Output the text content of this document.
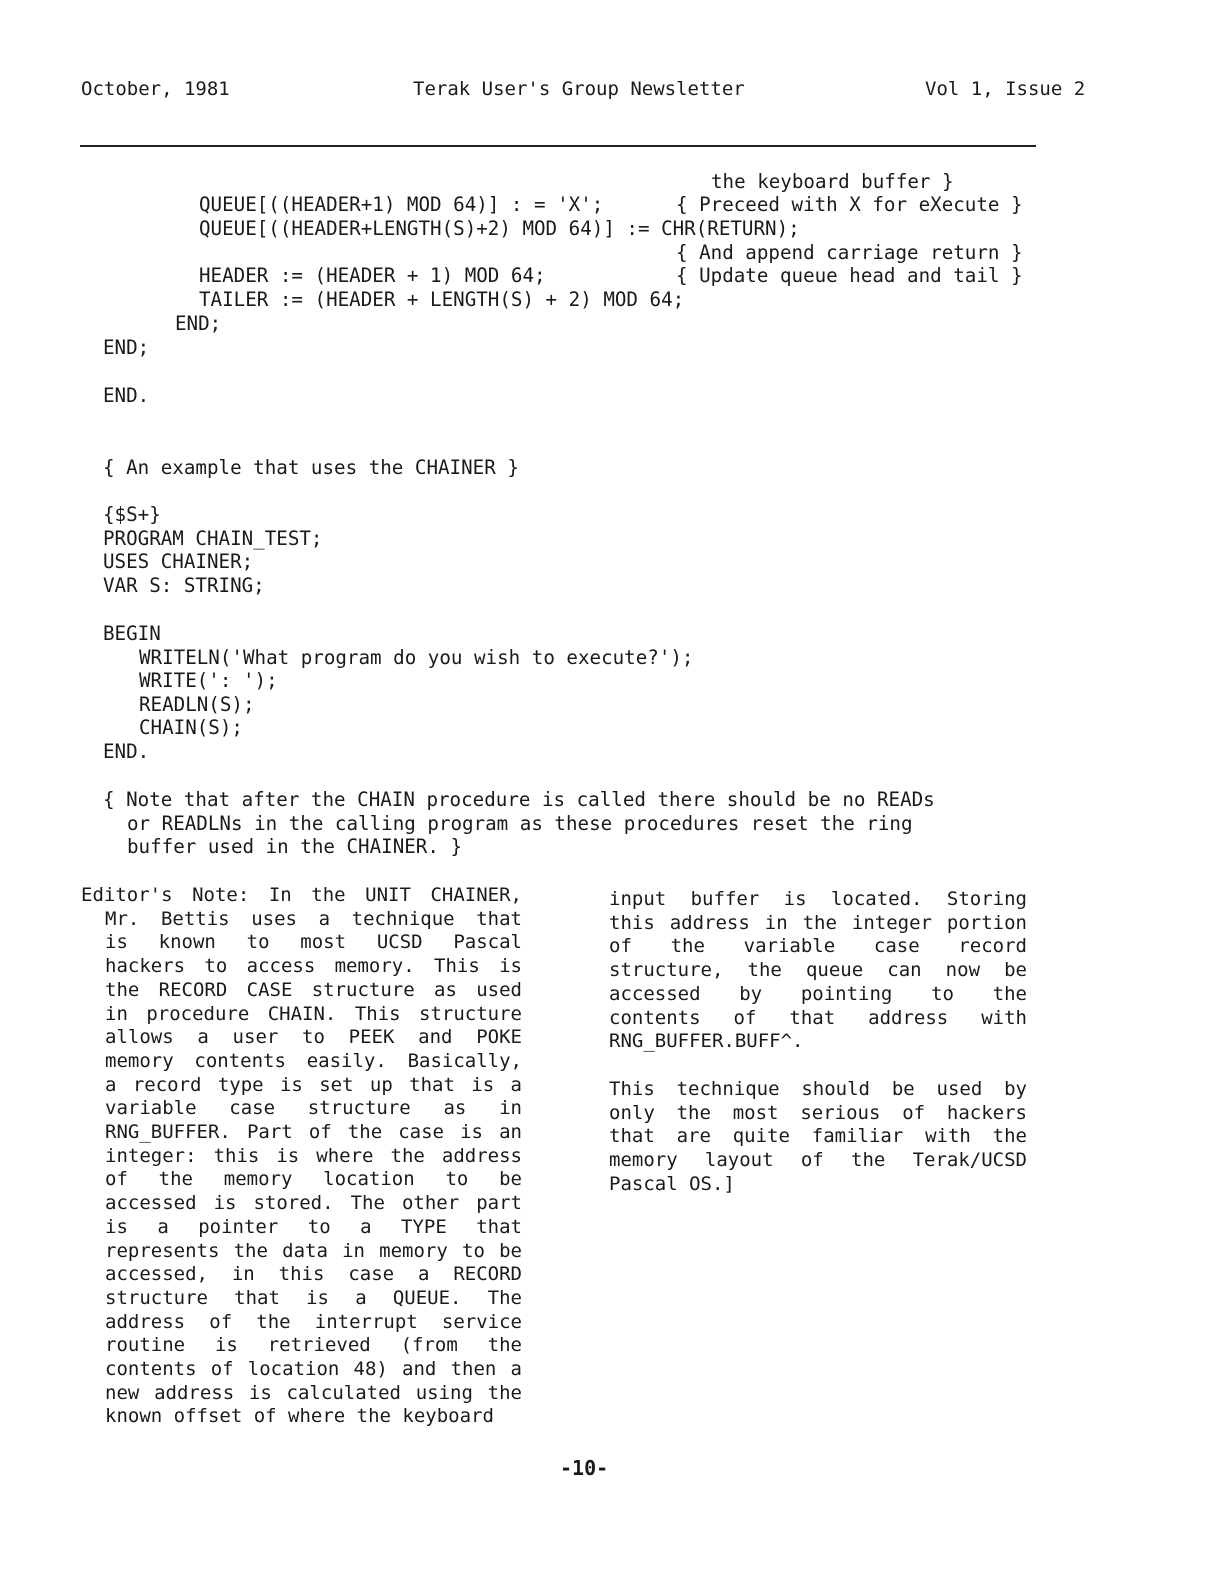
October, 1981	Terak User's Group Newsletter	Vol 1, Issue 2
the keyboard buffer }
QUEUE[((HEADER+1) MOD 64)] : = 'X';	{ Preceed with X for eXecute }
QUEUE[((HEADER+LENGTH(S)+2) MOD 64)] := CHR(RETURN);
{ And append carriage return }
HEADER := (HEADER + 1) MOD 64;	{ Update queue head and tail }
TAILER := (HEADER + LENGTH(S) + 2) MOD 64;
END;
END;
END.
{ An example that uses the CHAINER }
{$S+}
PROGRAM CHAIN_TEST;
USES CHAINER;
VAR S: STRING;
BEGIN
WRITELN('What program do you wish to execute?');
WRITE(': ');
READLN(S);
CHAIN(S);
END.
{ Note that after the CHAIN procedure is called there should be no READs
or READLNs in the calling program as these procedures reset the ring
buffer used in the CHAINER. }
Editor's Note: In the UNIT CHAINER,
Mr. Bettis uses a technique that
is known to most UCSD Pascal
hackers to access memory. This is
the RECORD CASE structure as used
in procedure CHAIN. This structure
allows a user to PEEK and POKE
memory contents easily. Basically,
a record type is set up that is a
variable case structure as in
RNG_BUFFER. Part of the case is an
integer: this is where the address
of the memory location to be
accessed is stored. The other part
is a pointer to a TYPE that
represents the data in memory to be
accessed, in this case a RECORD
structure that is a QUEUE. The
address of the interrupt service
routine is retrieved (from the
contents of location 48) and then a
new address is calculated using the
known offset of where the keyboard
input buffer is located. Storing
this address in the integer portion
of the variable case record
structure, the queue can now be
accessed by pointing to the
contents of that address with
RNG_BUFFER.BUFF^.
This technique should be used by
only the most serious of hackers
that are quite familiar with the
memory layout of the Terak/UCSD
Pascal OS.]
-10-
